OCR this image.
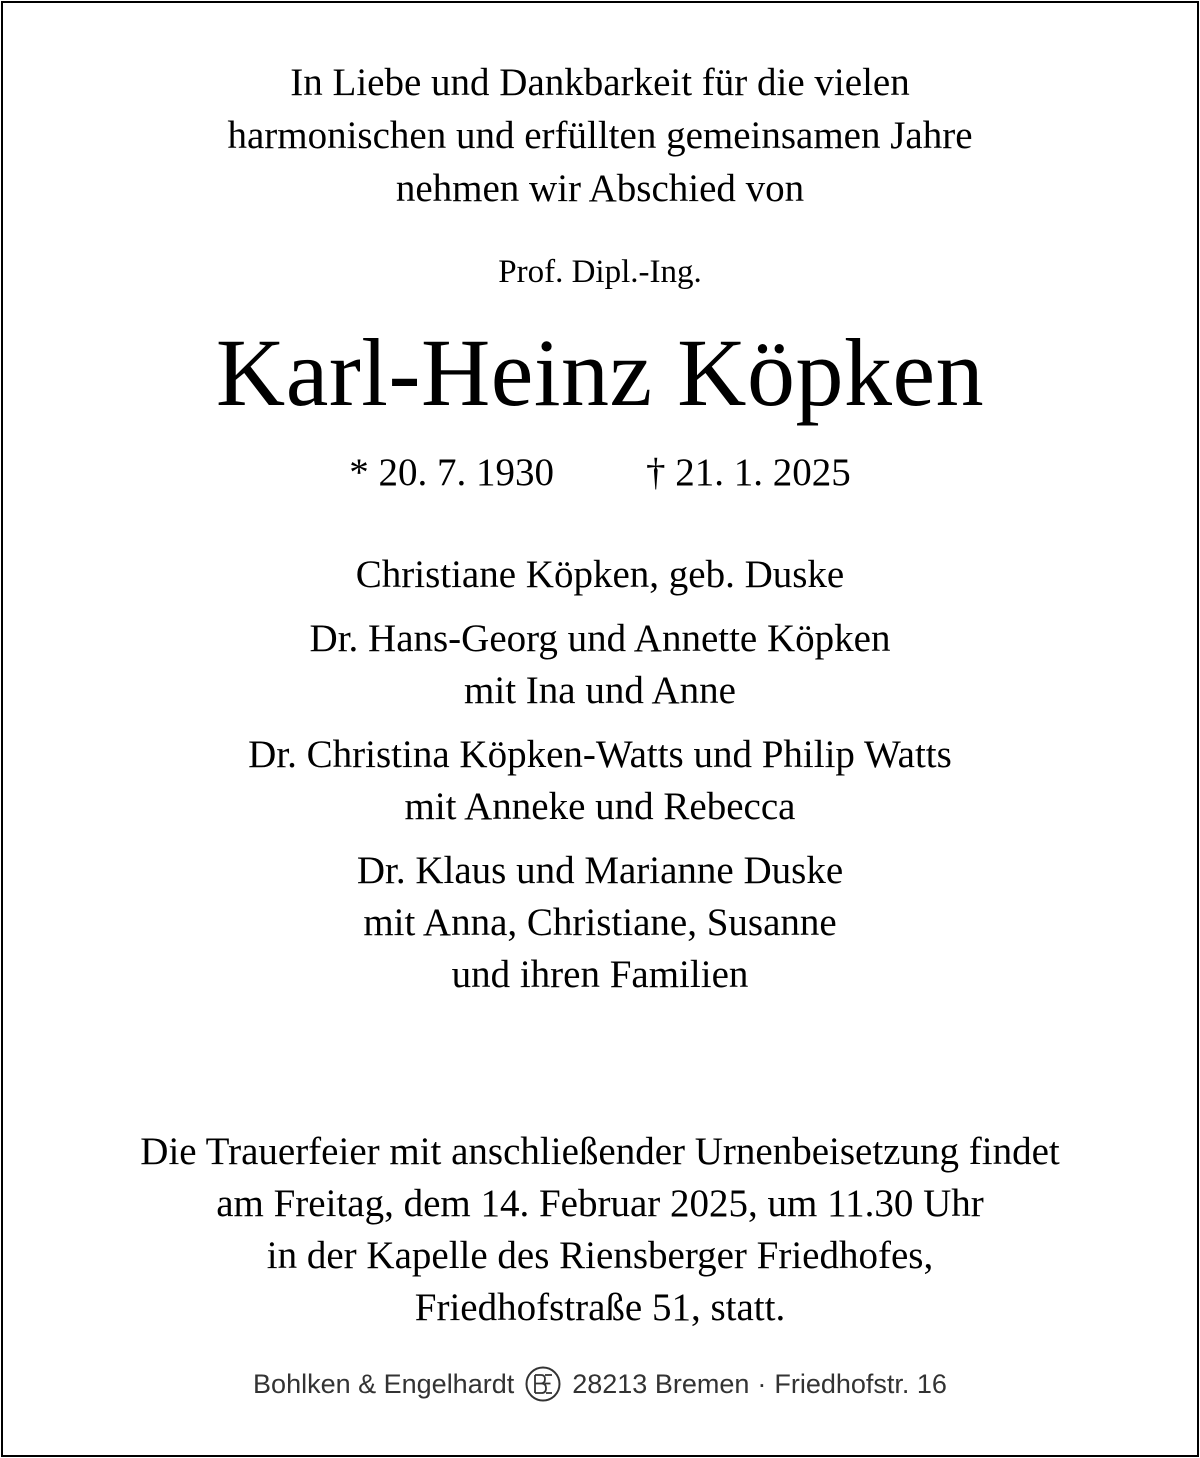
In Liebe und Dankbarkeit für die vielen
harmonischen und erfüllten gemeinsamen Jahre
nehmen wir Abschied von
Prof. Dipl.-Ing.
Karl-Heinz Köpken
* 20. 7. 1930 † 21. 1. 2025
Christiane Köpken, geb. Duske
Dr. Hans-Georg und Annette Köpken
mit Ina und Anne
Dr. Christina Köpken-Watts und Philip Watts
mit Anneke und Rebecca
Dr. Klaus und Marianne Duske
mit Anna, Christiane, Susanne
und ihren Familien
Die Trauerfeier mit anschließender Urnenbeisetzung findet
am Freitag, dem 14. Februar 2025, um 11.30 Uhr
in der Kapelle des Riensberger Friedhofes,
Friedhofstraße 51, statt.
Bohlken & Engelhardt 28213 Bremen · Friedhofstr. 16
